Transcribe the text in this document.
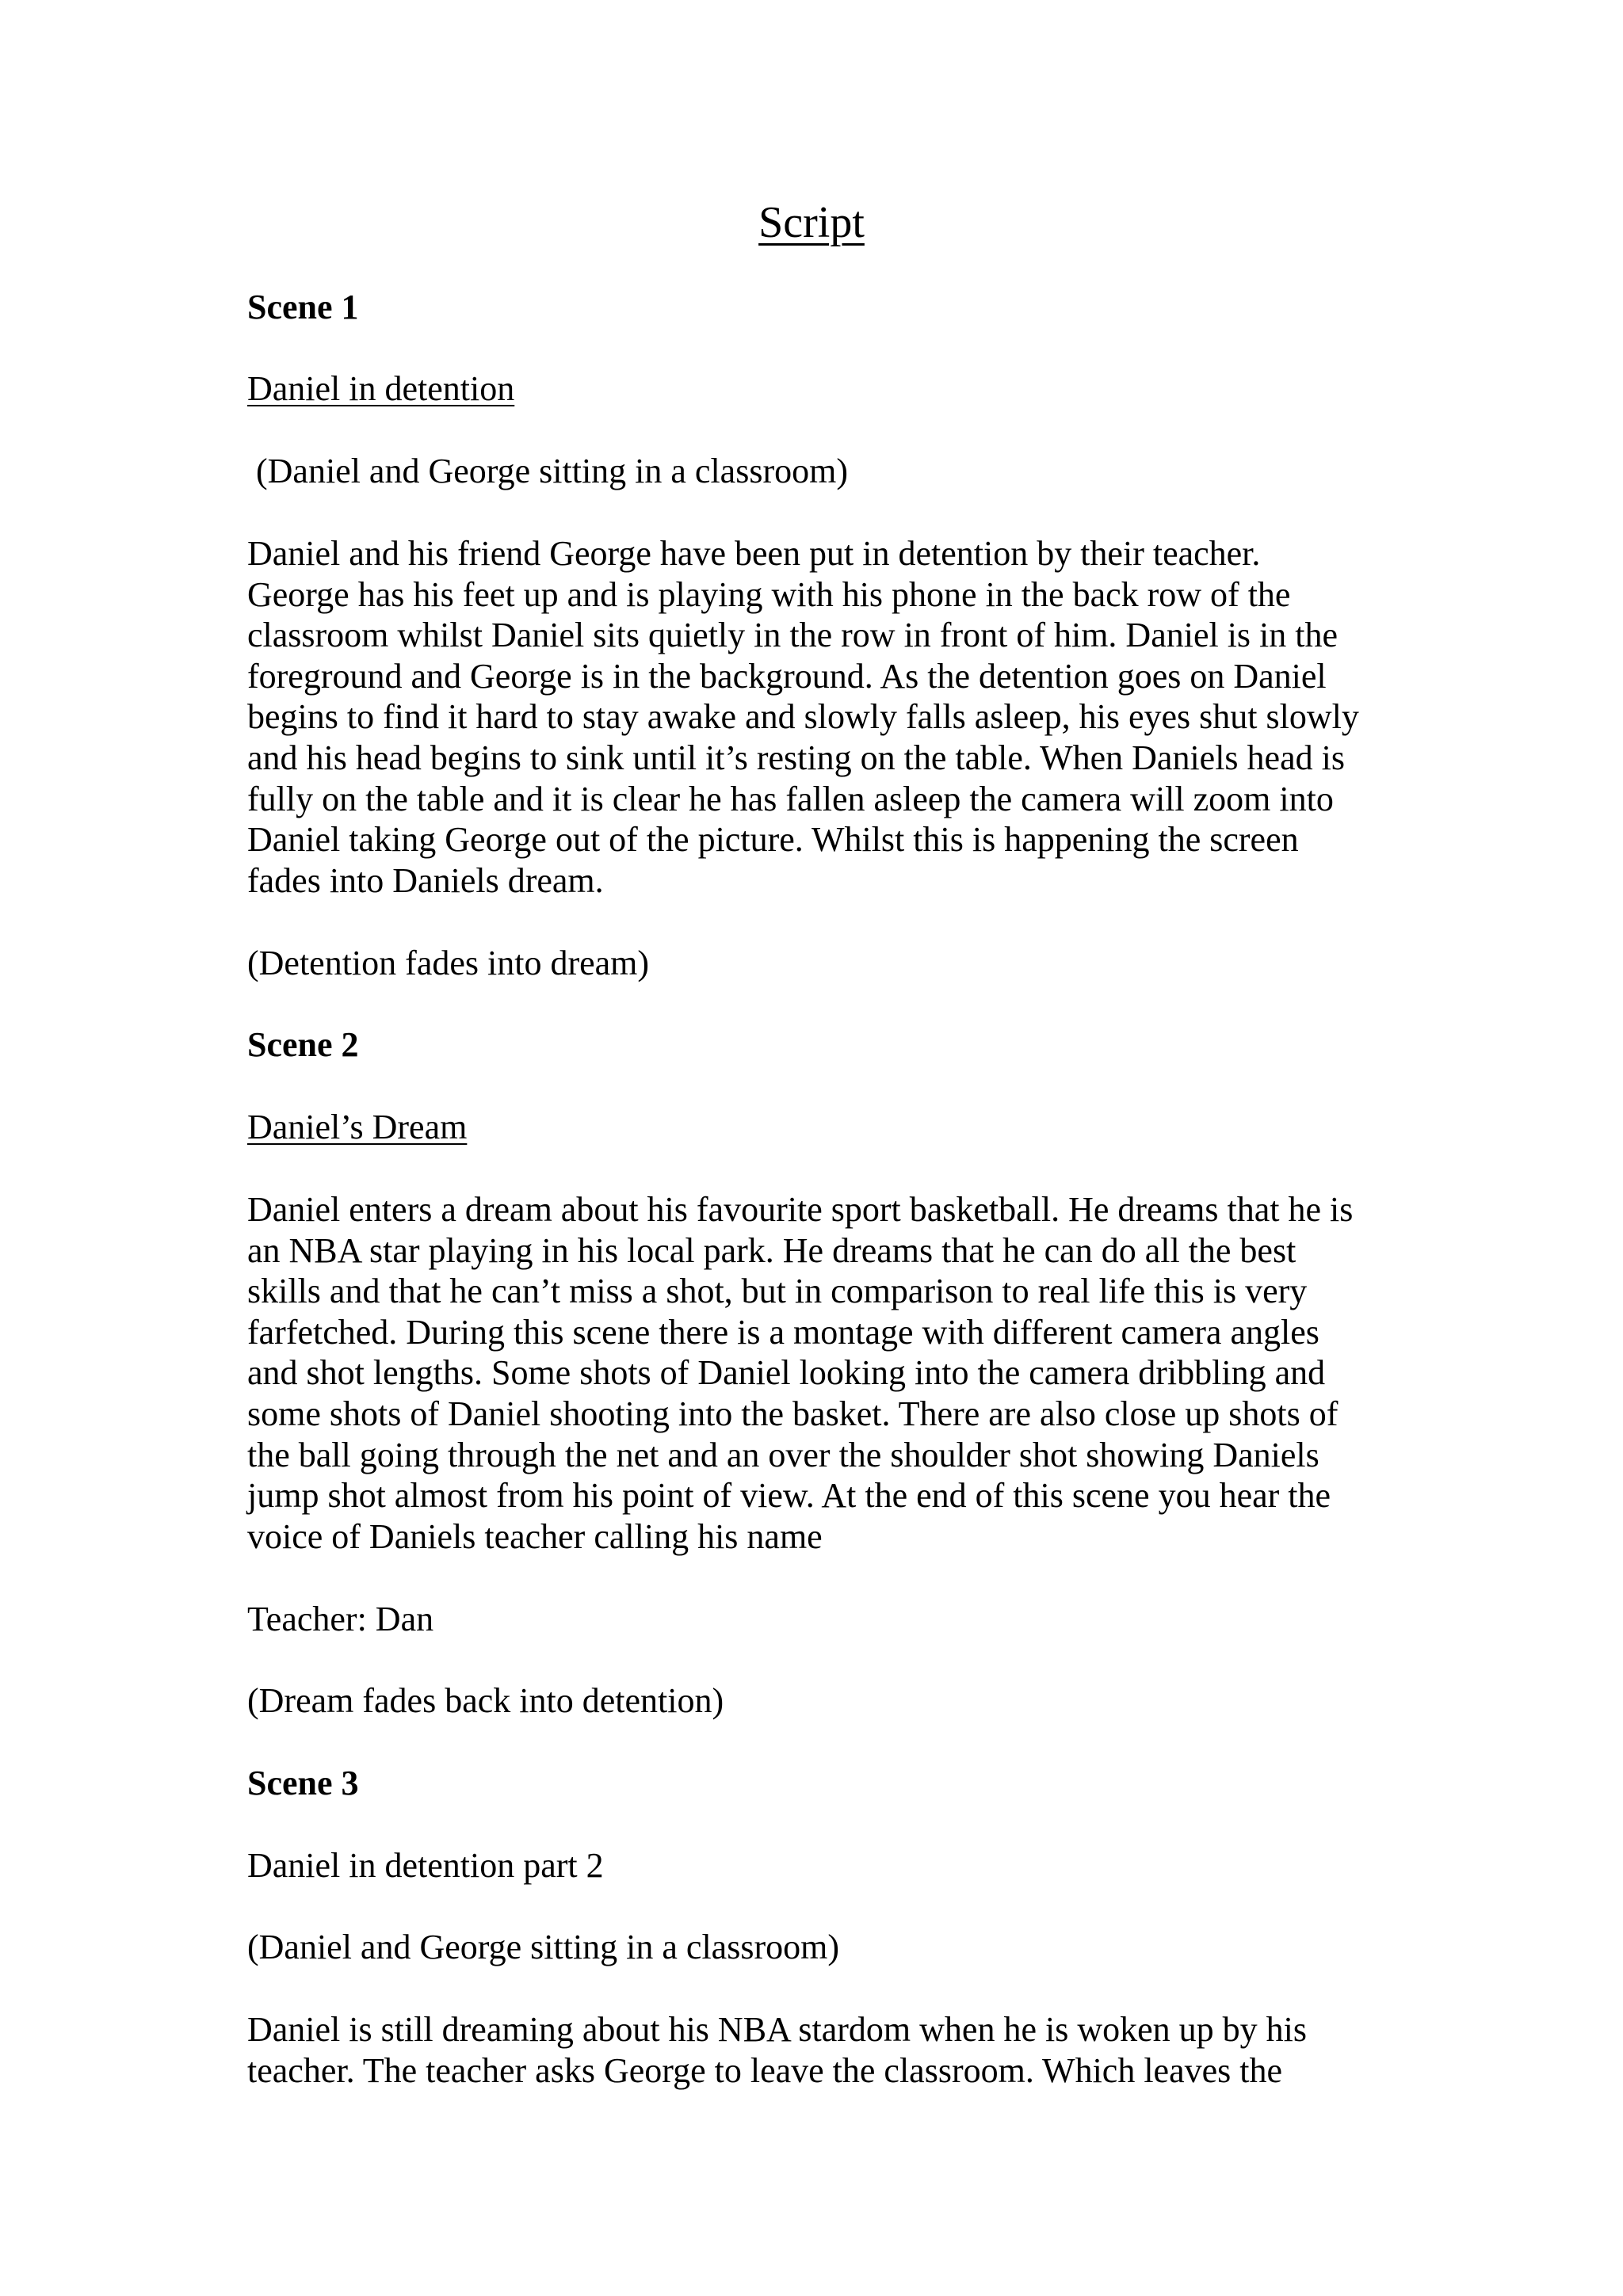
Script

Scene 1

Daniel in detention

(Daniel and George sitting in a classroom)

Daniel and his friend George have been put in detention by their teacher.
George has his feet up and is playing with his phone in the back row of the
classroom whilst Daniel sits quietly in the row in front of him. Daniel is in the
foreground and George is in the background. As the detention goes on Daniel
begins to find it hard to stay awake and slowly falls asleep, his eyes shut slowly
and his head begins to sink until it’s resting on the table. When Daniels head is
fully on the table and it is clear he has fallen asleep the camera will zoom into
Daniel taking George out of the picture. Whilst this is happening the screen
fades into Daniels dream.

(Detention fades into dream)

Scene 2

Daniel’s Dream

Daniel enters a dream about his favourite sport basketball. He dreams that he is
an NBA star playing in his local park. He dreams that he can do all the best
skills and that he can’t miss a shot, but in comparison to real life this is very
farfetched. During this scene there is a montage with different camera angles
and shot lengths. Some shots of Daniel looking into the camera dribbling and
some shots of Daniel shooting into the basket. There are also close up shots of
the ball going through the net and an over the shoulder shot showing Daniels
jump shot almost from his point of view. At the end of this scene you hear the
voice of Daniels teacher calling his name

Teacher: Dan

(Dream fades back into detention)

Scene 3

Daniel in detention part 2

(Daniel and George sitting in a classroom)

Daniel is still dreaming about his NBA stardom when he is woken up by his
teacher. The teacher asks George to leave the classroom. Which leaves the
